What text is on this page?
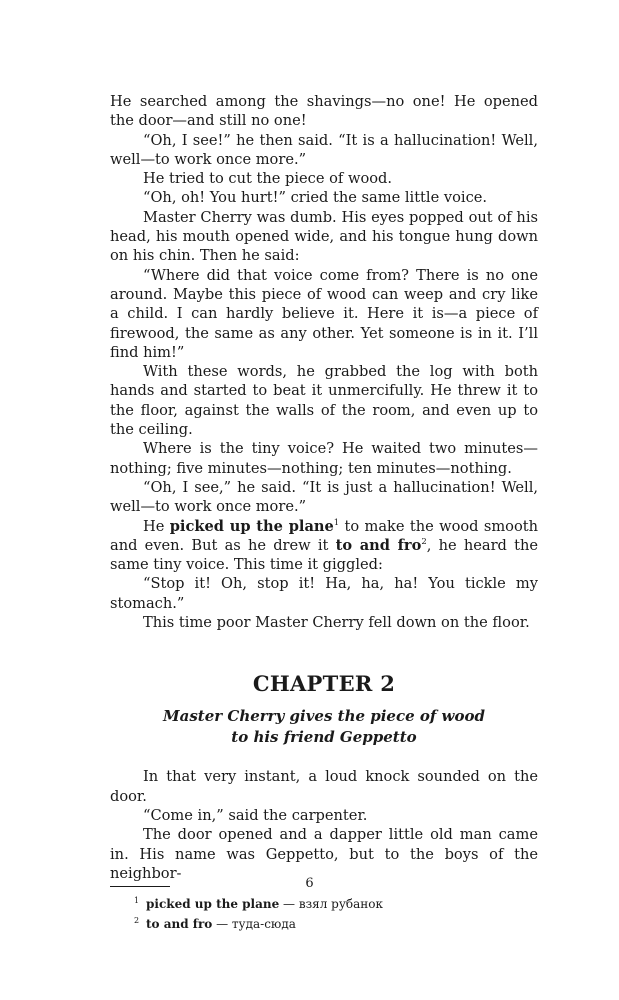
He searched among the shavings—no one! He opened the door—and still no one!

“Oh, I see!” he then said. “It is a hallucination! Well, well—to work once more.”

He tried to cut the piece of wood.

“Oh, oh! You hurt!” cried the same little voice.

Master Cherry was dumb. His eyes popped out of his head, his mouth opened wide, and his tongue hung down on his chin. Then he said:

“Where did that voice come from? There is no one around. Maybe this piece of wood can weep and cry like a child. I can hardly believe it. Here it is—a piece of firewood, the same as any other. Yet someone is in it. I’ll find him!”

With these words, he grabbed the log with both hands and started to beat it unmercifully. He threw it to the floor, against the walls of the room, and even up to the ceiling.

Where is the tiny voice? He waited two minutes—nothing; five minutes—nothing; ten minutes—nothing.

“Oh, I see,” he said. “It is just a hallucination! Well, well—to work once more.”

He picked up the plane$^1$ to make the wood smooth and even. But as he drew it to and fro$^2$, he heard the same tiny voice. This time it giggled:

“Stop it! Oh, stop it! Ha, ha, ha! You tickle my stomach.”

This time poor Master Cherry fell down on the floor.

CHAPTER 2
Master Cherry gives the piece of wood
to his friend Geppetto

In that very instant, a loud knock sounded on the door.

“Come in,” said the carpenter.

The door opened and a dapper little old man came in. His name was Geppetto, but to the boys of the neighbor-

1 picked up the plane — взял рубанок
2 to and fro — туда-сюда
6
